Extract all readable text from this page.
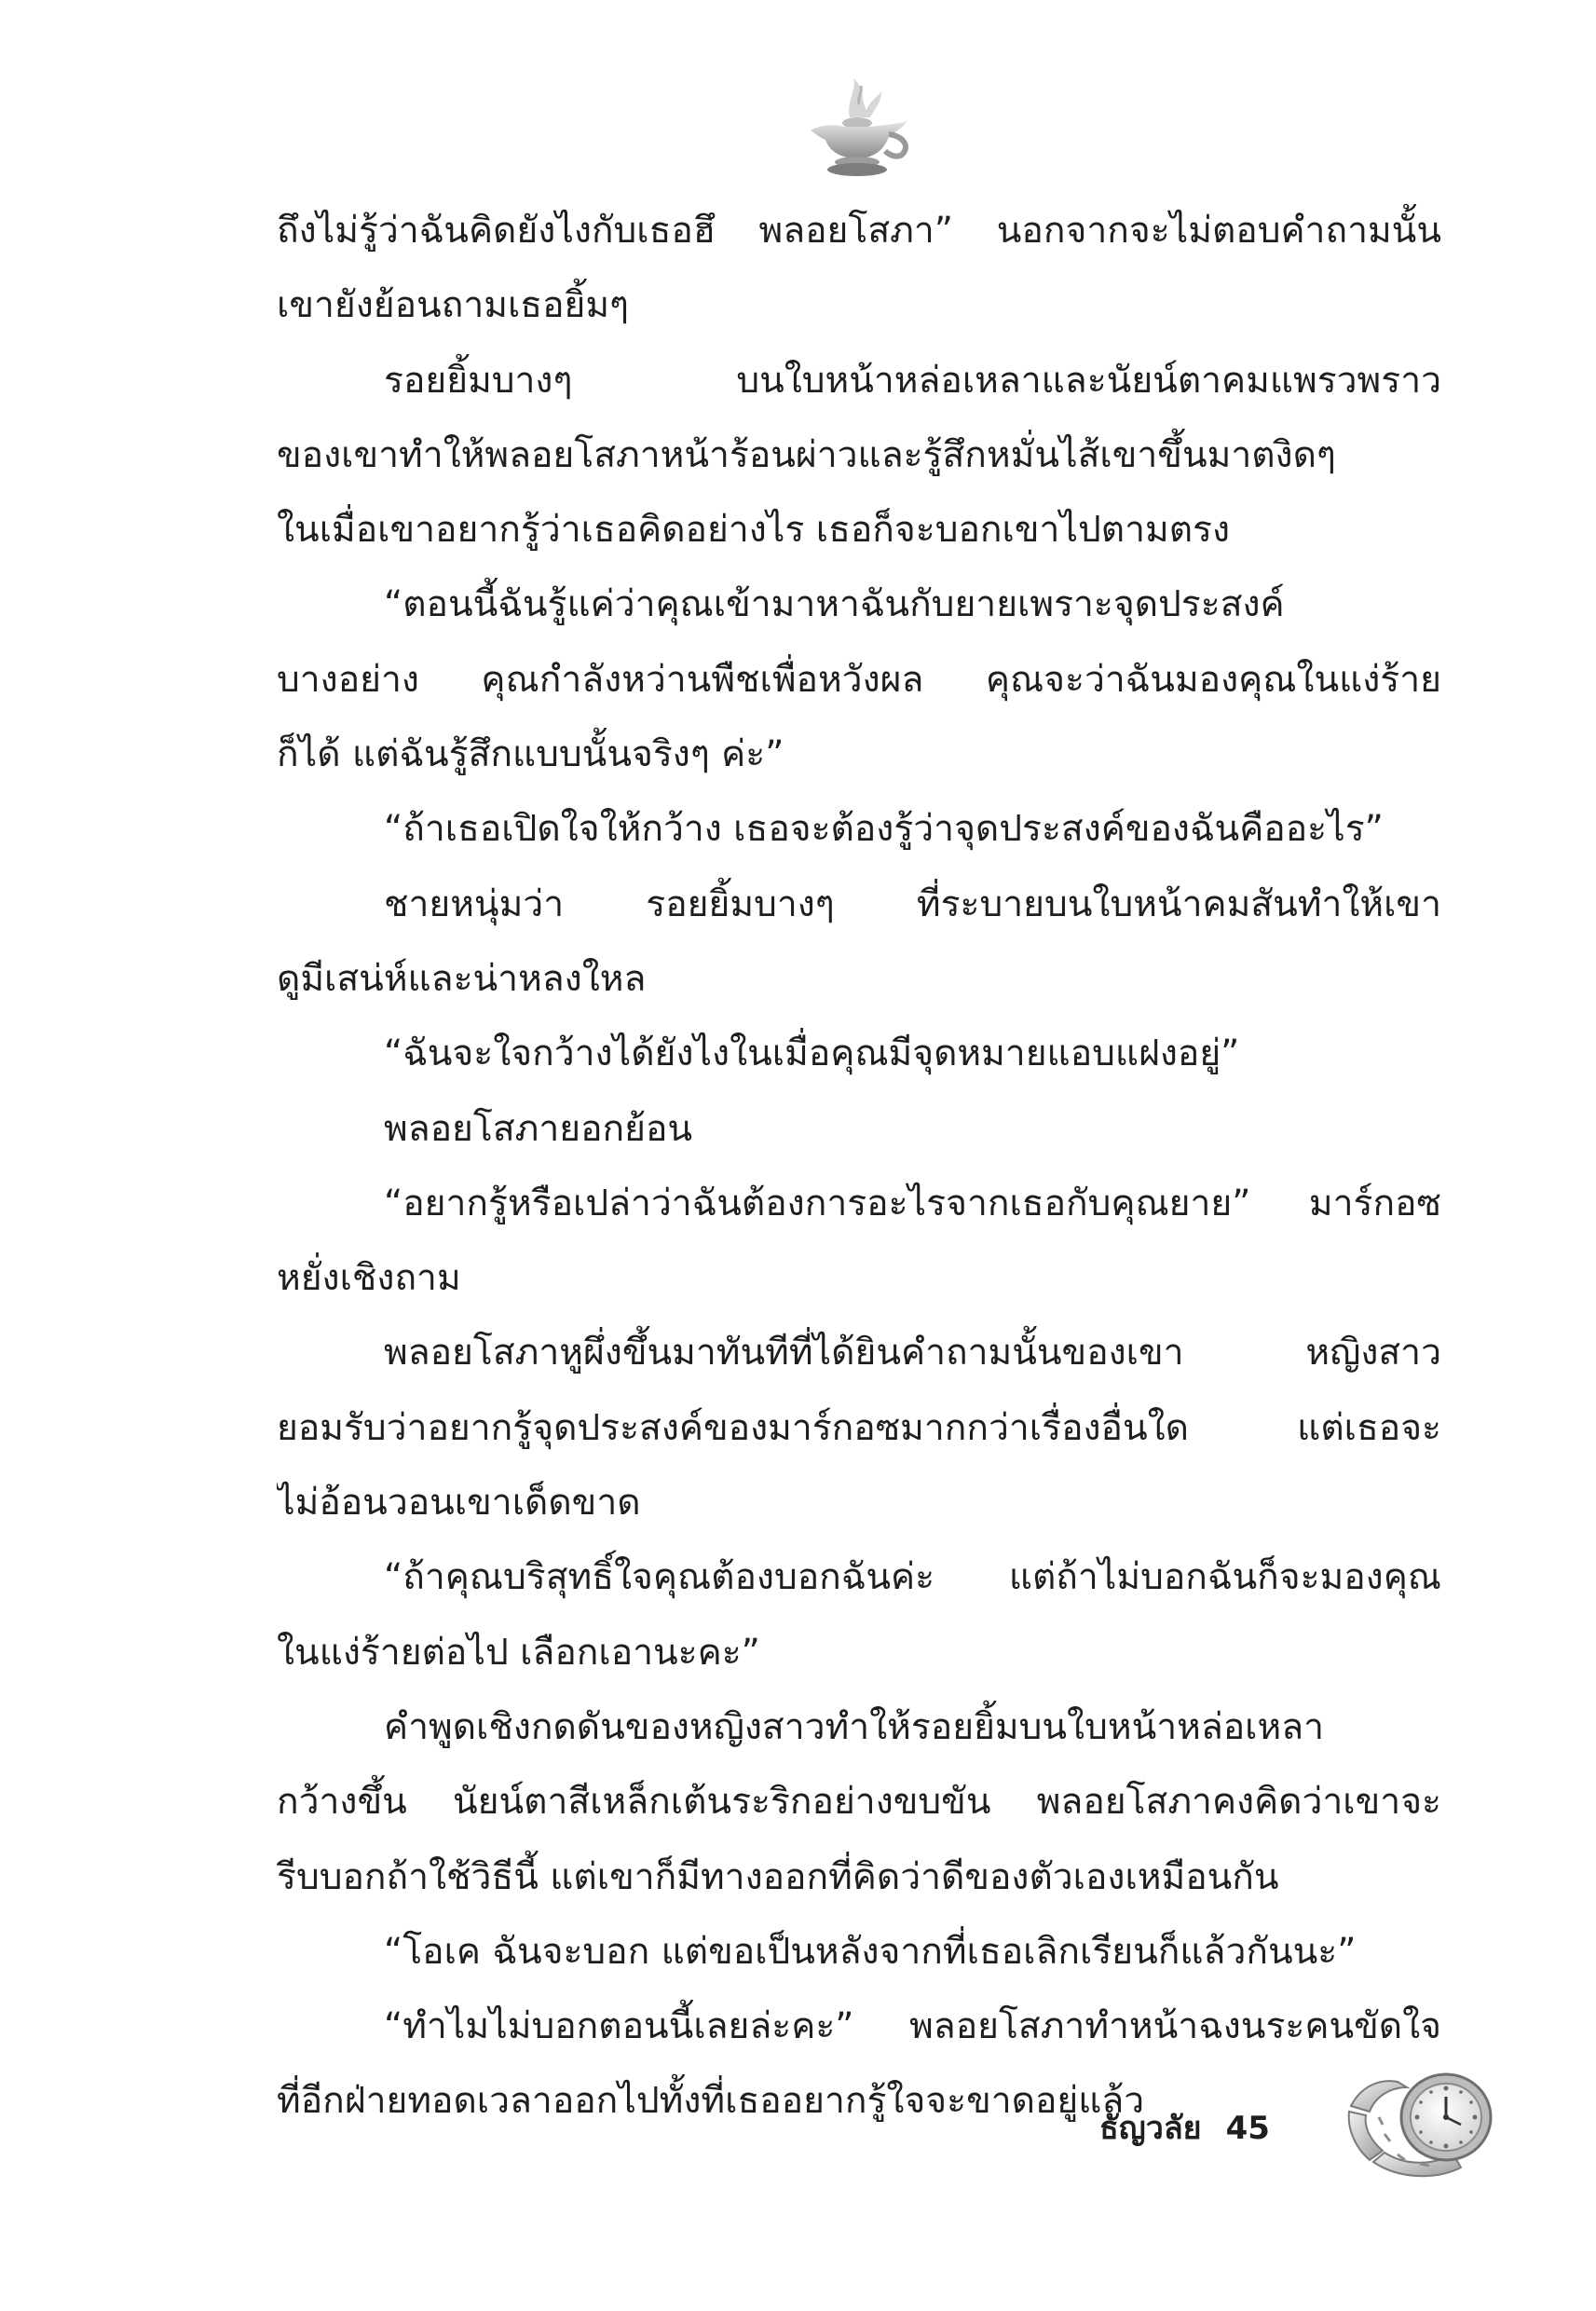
ถึงไม่รู้ว่าฉันคิดยังไงกับเธอฮึ พลอยโสภา” นอกจากจะไม่ตอบคำถามนั้น
เขายังย้อนถามเธอยิ้มๆ
รอยยิ้มบางๆ บนใบหน้าหล่อเหลาและนัยน์ตาคมแพรวพราว
ของเขาทำให้พลอยโสภาหน้าร้อนผ่าวและรู้สึกหมั่นไส้เขาขึ้นมาตงิดๆ
ในเมื่อเขาอยากรู้ว่าเธอคิดอย่างไร เธอก็จะบอกเขาไปตามตรง
“ตอนนี้ฉันรู้แค่ว่าคุณเข้ามาหาฉันกับยายเพราะจุดประสงค์
บางอย่าง คุณกำลังหว่านพืชเพื่อหวังผล คุณจะว่าฉันมองคุณในแง่ร้าย
ก็ได้ แต่ฉันรู้สึกแบบนั้นจริงๆ ค่ะ”
“ถ้าเธอเปิดใจให้กว้าง เธอจะต้องรู้ว่าจุดประสงค์ของฉันคืออะไร”
ชายหนุ่มว่า รอยยิ้มบางๆ ที่ระบายบนใบหน้าคมสันทำให้เขา
ดูมีเสน่ห์และน่าหลงใหล
“ฉันจะใจกว้างได้ยังไงในเมื่อคุณมีจุดหมายแอบแฝงอยู่”
พลอยโสภายอกย้อน
“อยากรู้หรือเปล่าว่าฉันต้องการอะไรจากเธอกับคุณยาย” มาร์กอซ
หยั่งเชิงถาม
พลอยโสภาหูผึ่งขึ้นมาทันทีที่ได้ยินคำถามนั้นของเขา หญิงสาว
ยอมรับว่าอยากรู้จุดประสงค์ของมาร์กอซมากกว่าเรื่องอื่นใด แต่เธอจะ
ไม่อ้อนวอนเขาเด็ดขาด
“ถ้าคุณบริสุทธิ์ใจคุณต้องบอกฉันค่ะ แต่ถ้าไม่บอกฉันก็จะมองคุณ
ในแง่ร้ายต่อไป เลือกเอานะคะ”
คำพูดเชิงกดดันของหญิงสาวทำให้รอยยิ้มบนใบหน้าหล่อเหลา
กว้างขึ้น นัยน์ตาสีเหล็กเต้นระริกอย่างขบขัน พลอยโสภาคงคิดว่าเขาจะ
รีบบอกถ้าใช้วิธีนี้ แต่เขาก็มีทางออกที่คิดว่าดีของตัวเองเหมือนกัน
“โอเค ฉันจะบอก แต่ขอเป็นหลังจากที่เธอเลิกเรียนก็แล้วกันนะ”
“ทำไมไม่บอกตอนนี้เลยล่ะคะ” พลอยโสภาทำหน้าฉงนระคนขัดใจ
ที่อีกฝ่ายทอดเวลาออกไปทั้งที่เธออยากรู้ใจจะขาดอยู่แล้ว
ธัญวลัย 45
